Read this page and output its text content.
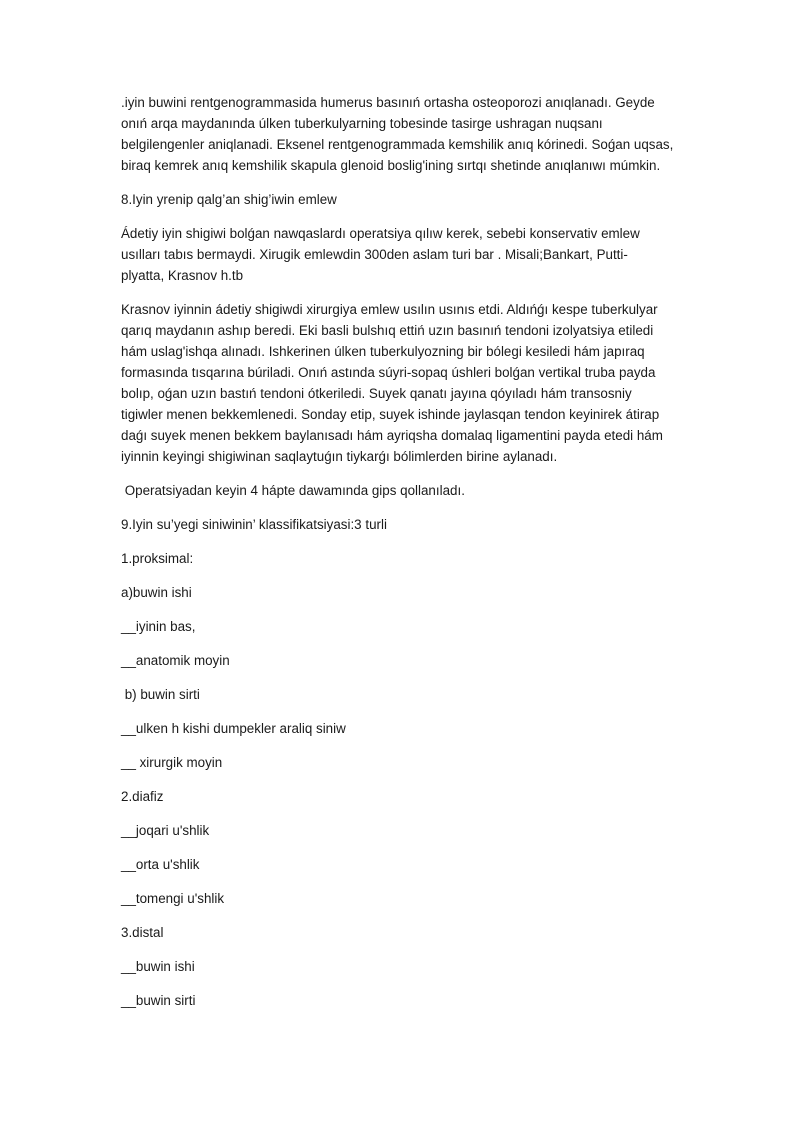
.iyin buwini rentgenogrammasida humerus basınıń ortasha osteoporozi anıqlanadı. Geyde
onıń arqa maydanında úlken tuberkulyarning tobesinde tasirge ushragan nuqsanı
belgilengenler aniqlanadi. Eksenel rentgenogrammada kemshilik anıq kórinedi. Soǵan uqsas,
biraq kemrek anıq kemshilik skapula glenoid boslig'ining sırtqı shetinde anıqlanıwı múmkin.

8.Iyin yrenip qalg’an shig’iwin emlew

Ádetiy iyin shigiwi bolǵan nawqaslardı operatsiya qılıw kerek, sebebi konservativ emlew
usılları tabıs bermaydi. Xirugik emlewdin 300den aslam turi bar . Misali;Bankart, Putti-
plyatta, Krasnov h.tb

Krasnov iyinnin ádetiy shigiwdi xirurgiya emlew usılın usınıs etdi. Aldıńǵı kespe tuberkulyar
qarıq maydanın ashıp beredi. Eki basli bulshıq ettiń uzın basınıń tendoni izolyatsiya etiledi
hám uslag'ishqa alınadı. Ishkerinen úlken tuberkulyozning bir bólegi kesiledi hám japıraq
formasında tısqarına búriladi. Onıń astında súyri-sopaq úshleri bolǵan vertikal truba payda
bolıp, oǵan uzın bastıń tendoni ótkeriledi. Suyek qanatı jayına qóyıladı hám transosniy
tigiwler menen bekkemlenedi. Sonday etip, suyek ishinde jaylasqan tendon keyinirek átirap
daǵı suyek menen bekkem baylanısadı hám ayriqsha domalaq ligamentini payda etedi hám
iyinnin keyingi shigiwinan saqlaytuǵın tiykarǵı bólimlerden birine aylanadı.

Operatsiyadan keyin 4 hápte dawamında gips qollanıladı.

9.Iyin su’yegi siniwinin’ klassifikatsiyasi:3 turli

1.proksimal:

a)buwin ishi

__iyinin bas,

__anatomik moyin

b) buwin sirti

__ulken h kishi dumpekler araliq siniw

__ xirurgik moyin

2.diafiz

__joqari u'shlik

__orta u'shlik

__tomengi u'shlik

3.distal

__buwin ishi

__buwin sirti
